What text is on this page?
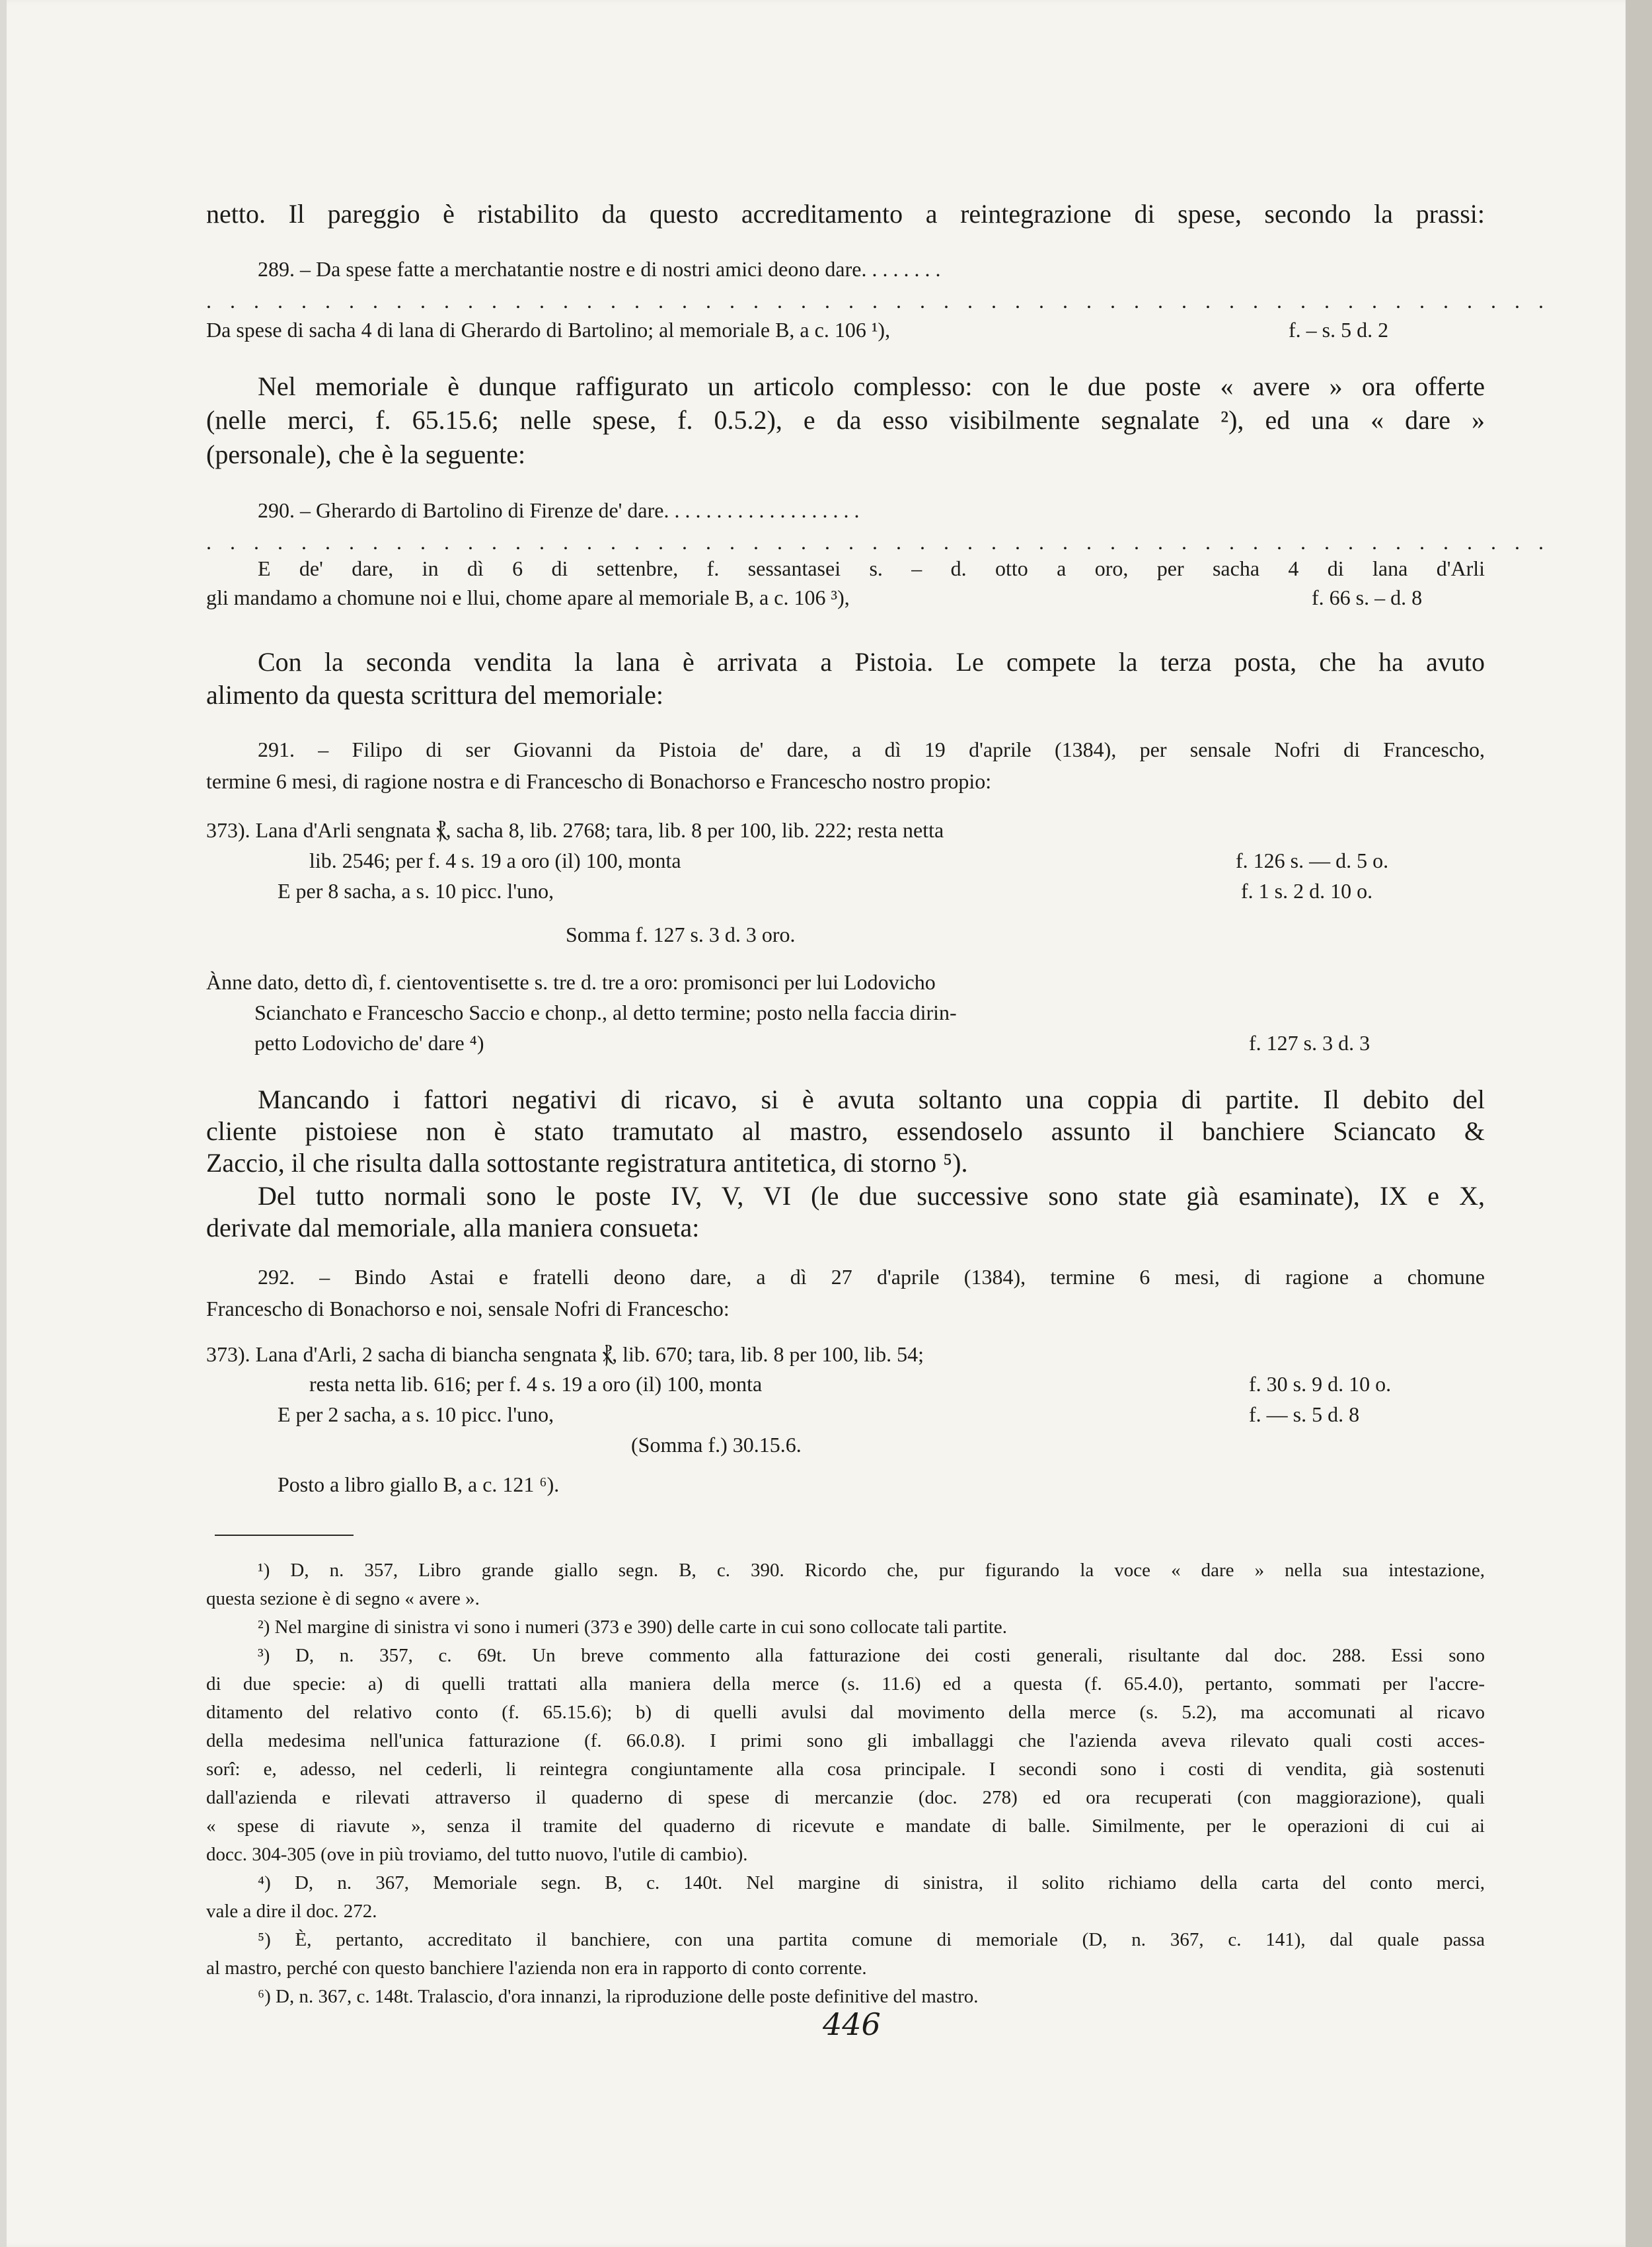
netto. Il pareggio è ristabilito da questo accreditamento a reintegrazione di spese, secondo la prassi:
289. – Da spese fatte a merchatantie nostre e di nostri amici deono dare. . . . . . . .
. . . . . . . . . . . . . . . . . . . . . . . . . . . . . . . . . . . . . . . . . . . . . . . . . . . . . . . . .
Da spese di sacha 4 di lana di Gherardo di Bartolino; al memoriale B, a c. 106 ¹),	f. – s. 5 d. 2
Nel memoriale è dunque raffigurato un articolo complesso: con le due poste « avere » ora offerte
(nelle merci, f. 65.15.6; nelle spese, f. 0.5.2), e da esso visibilmente segnalate ²), ed una « dare »
(personale), che è la seguente:
290. – Gherardo di Bartolino di Firenze de' dare. . . . . . . . . . . . . . . . . . .
. . . . . . . . . . . . . . . . . . . . . . . . . . . . . . . . . . . . . . . . . . . . . . . . . . . . . . . . .
E de' dare, in dì 6 di settenbre, f. sessantasei s. – d. otto a oro, per sacha 4 di lana d'Arli
gli mandamo a chomune noi e llui, chome apare al memoriale B, a c. 106 ³),	f. 66 s. – d. 8
Con la seconda vendita la lana è arrivata a Pistoia. Le compete la terza posta, che ha avuto
alimento da questa scrittura del memoriale:
291. – Filipo di ser Giovanni da Pistoia de' dare, a dì 19 d'aprile (1384), per sensale Nofri di Francescho,
termine 6 mesi, di ragione nostra e di Francescho di Bonachorso e Francescho nostro propio:
373). Lana d'Arli sengnata ⳩, sacha 8, lib. 2768; tara, lib. 8 per 100, lib. 222; resta netta
lib. 2546; per f. 4 s. 19 a oro (il) 100, monta	f. 126 s. — d. 5 o.
E per 8 sacha, a s. 10 picc. l'uno,	f. 1 s. 2 d. 10 o.
Somma f. 127 s. 3 d. 3 oro.
Ànne dato, detto dì, f. cientoventisette s. tre d. tre a oro: promisonci per lui Lodovicho
Scianchato e Francescho Saccio e chonp., al detto termine; posto nella faccia dirin-
petto Lodovicho de' dare ⁴)	f. 127 s. 3 d. 3
Mancando i fattori negativi di ricavo, si è avuta soltanto una coppia di partite. Il debito del
cliente pistoiese non è stato tramutato al mastro, essendoselo assunto il banchiere Sciancato &
Zaccio, il che risulta dalla sottostante registratura antitetica, di storno ⁵).
Del tutto normali sono le poste IV, V, VI (le due successive sono state già esaminate), IX e X,
derivate dal memoriale, alla maniera consueta:
292. – Bindo Astai e fratelli deono dare, a dì 27 d'aprile (1384), termine 6 mesi, di ragione a chomune
Francescho di Bonachorso e noi, sensale Nofri di Francescho:
373). Lana d'Arli, 2 sacha di biancha sengnata ⳩, lib. 670; tara, lib. 8 per 100, lib. 54;
resta netta lib. 616; per f. 4 s. 19 a oro (il) 100, monta	f. 30 s. 9 d. 10 o.
E per 2 sacha, a s. 10 picc. l'uno,	f. — s. 5 d. 8
(Somma f.) 30.15.6.
Posto a libro giallo B, a c. 121 ⁶).
¹) D, n. 357, Libro grande giallo segn. B, c. 390. Ricordo che, pur figurando la voce « dare » nella sua intestazione,
questa sezione è di segno « avere ».
²) Nel margine di sinistra vi sono i numeri (373 e 390) delle carte in cui sono collocate tali partite.
³) D, n. 357, c. 69t. Un breve commento alla fatturazione dei costi generali, risultante dal doc. 288. Essi sono
di due specie: a) di quelli trattati alla maniera della merce (s. 11.6) ed a questa (f. 65.4.0), pertanto, sommati per l'accre-
ditamento del relativo conto (f. 65.15.6); b) di quelli avulsi dal movimento della merce (s. 5.2), ma accomunati al ricavo
della medesima nell'unica fatturazione (f. 66.0.8). I primi sono gli imballaggi che l'azienda aveva rilevato quali costi acces-
sorî: e, adesso, nel cederli, li reintegra congiuntamente alla cosa principale. I secondi sono i costi di vendita, già sostenuti
dall'azienda e rilevati attraverso il quaderno di spese di mercanzie (doc. 278) ed ora recuperati (con maggiorazione), quali
« spese di riavute », senza il tramite del quaderno di ricevute e mandate di balle. Similmente, per le operazioni di cui ai
docc. 304-305 (ove in più troviamo, del tutto nuovo, l'utile di cambio).
⁴) D, n. 367, Memoriale segn. B, c. 140t. Nel margine di sinistra, il solito richiamo della carta del conto merci,
vale a dire il doc. 272.
⁵) È, pertanto, accreditato il banchiere, con una partita comune di memoriale (D, n. 367, c. 141), dal quale passa
al mastro, perché con questo banchiere l'azienda non era in rapporto di conto corrente.
⁶) D, n. 367, c. 148t. Tralascio, d'ora innanzi, la riproduzione delle poste definitive del mastro.
446
